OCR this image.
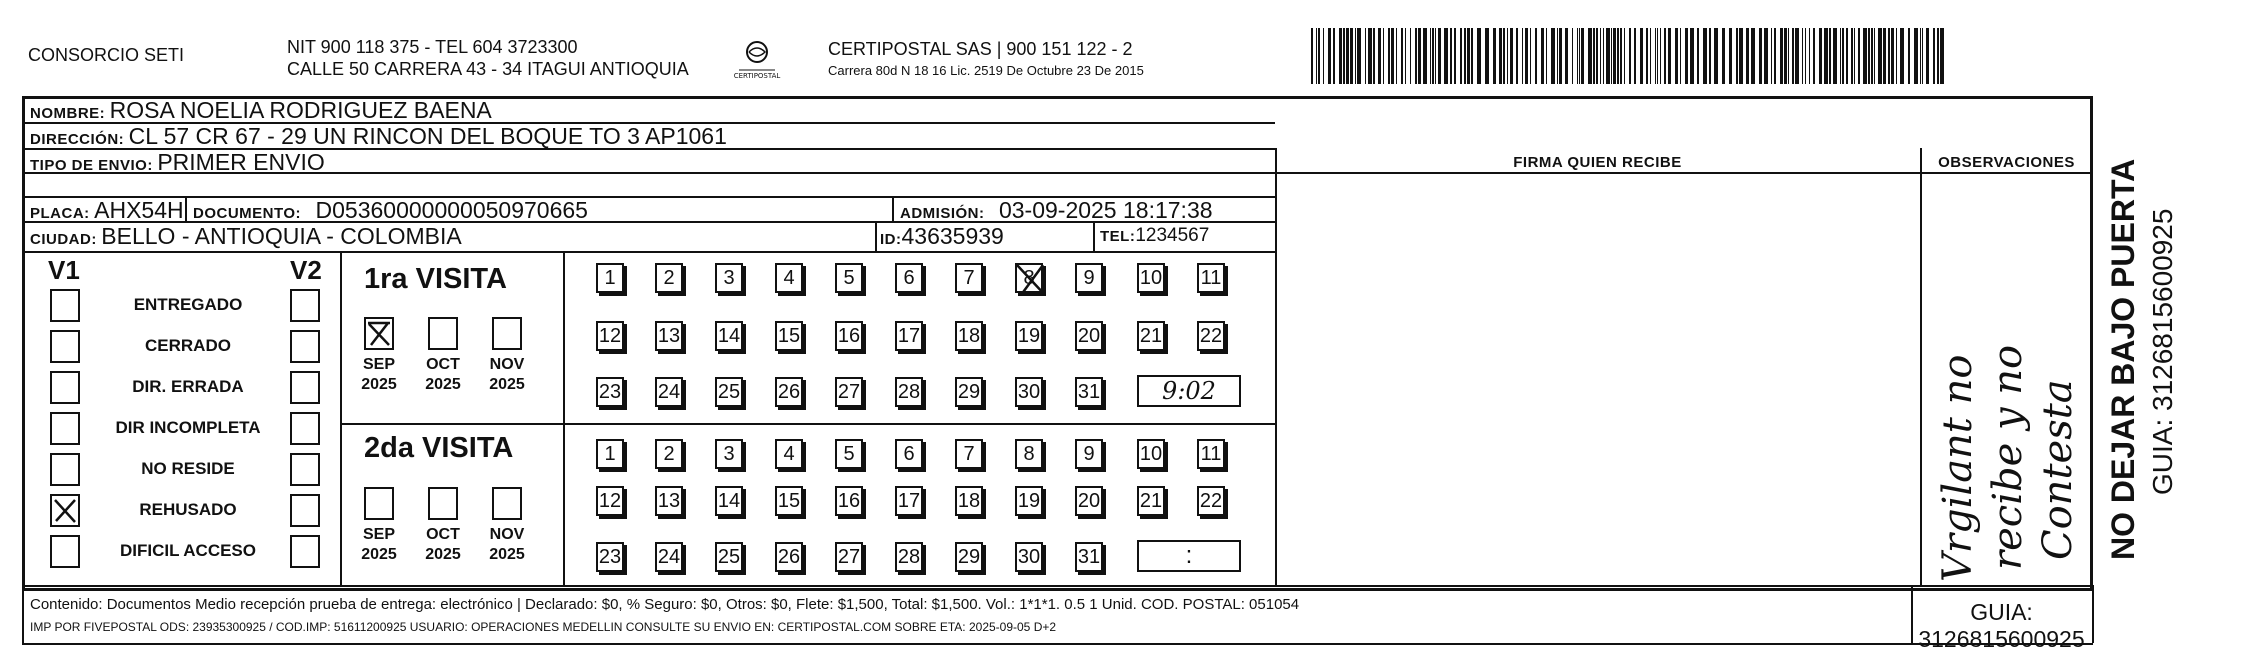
CONSORCIO SETI	NIT 900 118 375 - TEL 604 3723300
CALLE 50 CARRERA 43 - 34 ITAGUI ANTIOQUIA	CERTIPOSTAL
CERTIPOSTAL SAS | 900 151 122 - 2
Carrera 80d N 18 16 Lic. 2519 De Octubre 23 De 2015
NOMBRE: ROSA NOELIA RODRIGUEZ BAENA
DIRECCIÓN: CL 57 CR 67 - 29 UN RINCON DEL BOQUE TO 3 AP1061
TIPO DE ENVIO: PRIMER ENVIO	FIRMA QUIEN RECIBE	OBSERVACIONES
PLACA: AHX54H DOCUMENTO: D05360000000050970665	ADMISIÓN: 03-09-2025 18:17:38
CIUDAD: BELLO - ANTIOQUIA - COLOMBIA	ID:43635939	TEL:1234567
V1	V2
ENTREGADO
CERRADO
DIR. ERRADA
DIR INCOMPLETA
NO RESIDE
REHUSADO
DIFICIL ACCESO
1ra VISITA
SEP
2025
OCT
2025
NOV
2025
1 2 3 4 5 6 7 8 9 10 11
12 13 14 15 16 17 18 19 20 21 22
23 24 25 26 27 28 29 30 31	9:02
2da VISITA
SEP
2025
OCT
2025
NOV
2025
1 2 3 4 5 6 7 8 9 10 11
12 13 14 15 16 17 18 19 20 21 22
23 24 25 26 27 28 29 30 31	:	Vrgilant no recibe y no Contesta
Contenido: Documentos Medio recepción prueba de entrega: electrónico | Declarado: $0, % Seguro: $0, Otros: $0, Flete: $1,500, Total: $1,500. Vol.: 1*1*1. 0.5 1 Unid. COD. POSTAL: 051054
IMP POR FIVEPOSTAL ODS: 23935300925 / COD.IMP: 51611200925 USUARIO: OPERACIONES MEDELLIN CONSULTE SU ENVIO EN: CERTIPOSTAL.COM SOBRE ETA: 2025-09-05 D+2
GUIA: 3126815600925
NO DEJAR BAJO PUERTA GUIA: 3126815600925
